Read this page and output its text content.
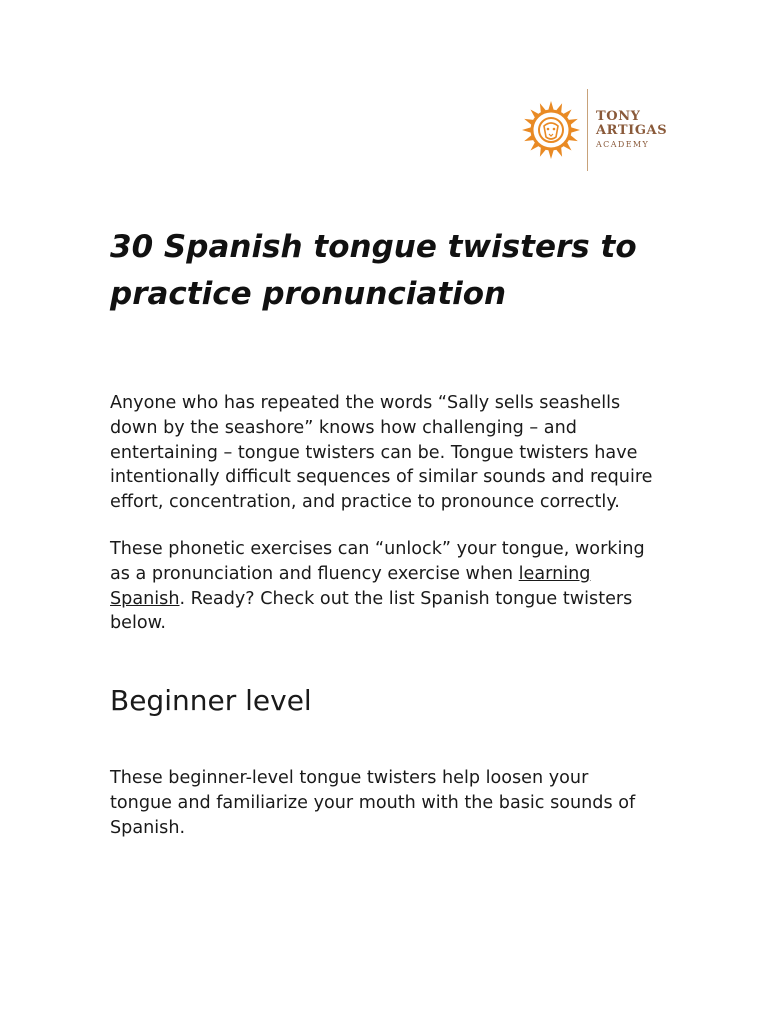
TONY
ARTIGAS
ACADEMY
30 Spanish tongue twisters to practice pronunciation

Anyone who has repeated the words “Sally sells seashells down by the seashore” knows how challenging – and entertaining – tongue twisters can be. Tongue twisters have intentionally difficult sequences of similar sounds and require effort, concentration, and practice to pronounce correctly.

These phonetic exercises can “unlock” your tongue, working as a pronunciation and fluency exercise when learning Spanish. Ready? Check out the list Spanish tongue twisters below.

Beginner level

These beginner-level tongue twisters help loosen your tongue and familiarize your mouth with the basic sounds of Spanish.
